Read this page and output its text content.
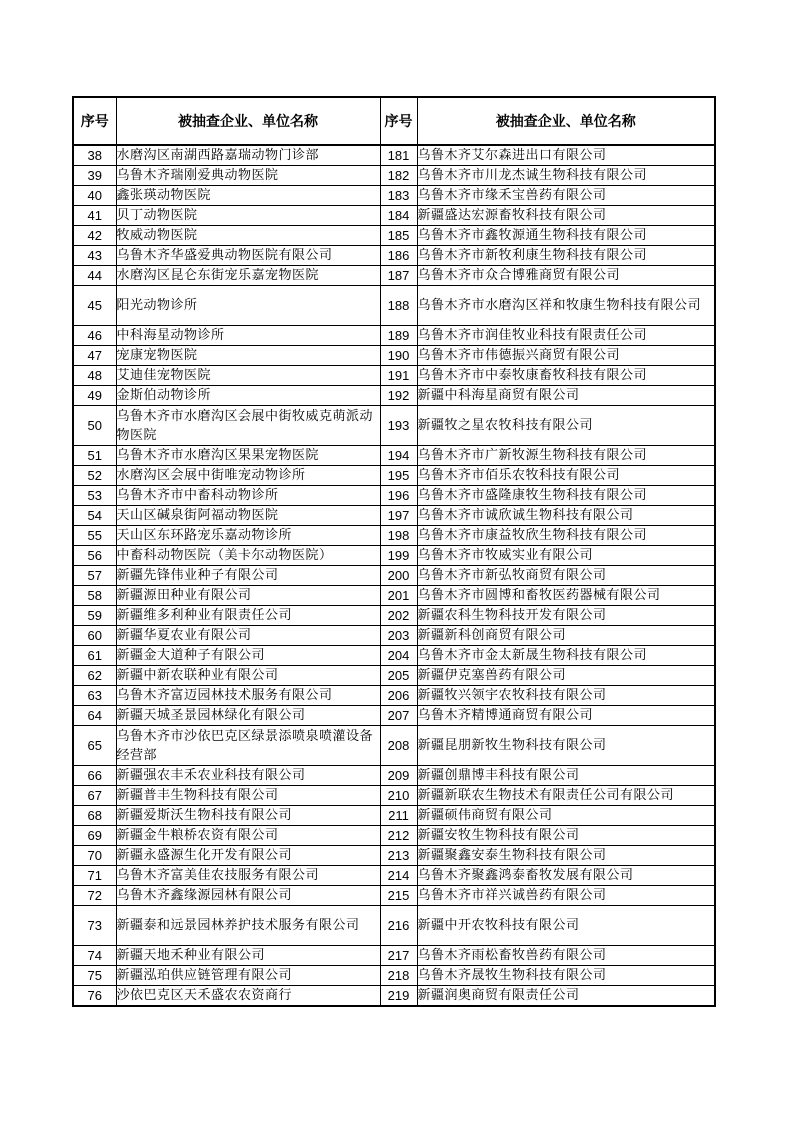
序号	被抽查企业、单位名称	序号	被抽查企业、单位名称
38	水磨沟区南湖西路嘉瑞动物门诊部	181	乌鲁木齐艾尔森进出口有限公司
39	乌鲁木齐瑞刚爱典动物医院	182	乌鲁木齐市川龙杰诚生物科技有限公司
40	鑫张瑛动物医院	183	乌鲁木齐市缘禾宝兽药有限公司
41	贝丁动物医院	184	新疆盛达宏源畜牧科技有限公司
42	牧威动物医院	185	乌鲁木齐市鑫牧源通生物科技有限公司
43	乌鲁木齐华盛爱典动物医院有限公司	186	乌鲁木齐市新牧利康生物科技有限公司
44	水磨沟区昆仑东街宠乐嘉宠物医院	187	乌鲁木齐市众合博雅商贸有限公司
45	阳光动物诊所	188	乌鲁木齐市水磨沟区祥和牧康生物科技有限公司
46	中科海星动物诊所	189	乌鲁木齐市润佳牧业科技有限责任公司
47	宠康宠物医院	190	乌鲁木齐市伟德振兴商贸有限公司
48	艾迪佳宠物医院	191	乌鲁木齐市中泰牧康畜牧科技有限公司
49	金斯伯动物诊所	192	新疆中科海星商贸有限公司
50	乌鲁木齐市水磨沟区会展中街牧威克萌派动物医院	193	新疆牧之星农牧科技有限公司
51	乌鲁木齐市水磨沟区果果宠物医院	194	乌鲁木齐市广新牧源生物科技有限公司
52	水磨沟区会展中街唯宠动物诊所	195	乌鲁木齐市佰乐农牧科技有限公司
53	乌鲁木齐市中畜科动物诊所	196	乌鲁木齐市盛隆康牧生物科技有限公司
54	天山区碱泉街阿福动物医院	197	乌鲁木齐市诚欣诚生物科技有限公司
55	天山区东环路宠乐嘉动物诊所	198	乌鲁木齐市康益牧欣生物科技有限公司
56	中畜科动物医院（美卡尔动物医院）	199	乌鲁木齐市牧威实业有限公司
57	新疆先锋伟业种子有限公司	200	乌鲁木齐市新弘牧商贸有限公司
58	新疆源田种业有限公司	201	乌鲁木齐市圆博和畜牧医药器械有限公司
59	新疆维多利种业有限责任公司	202	新疆农科生物科技开发有限公司
60	新疆华夏农业有限公司	203	新疆新科创商贸有限公司
61	新疆金大道种子有限公司	204	乌鲁木齐市金太新晟生物科技有限公司
62	新疆中新农联种业有限公司	205	新疆伊克塞兽药有限公司
63	乌鲁木齐富迈园林技术服务有限公司	206	新疆牧兴领宇农牧科技有限公司
64	新疆天城圣景园林绿化有限公司	207	乌鲁木齐精博通商贸有限公司
65	乌鲁木齐市沙依巴克区绿景添喷泉喷灌设备经营部	208	新疆昆朋新牧生物科技有限公司
66	新疆强农丰禾农业科技有限公司	209	新疆创鼎博丰科技有限公司
67	新疆普丰生物科技有限公司	210	新疆新联农生物技术有限责任公司有限公司
68	新疆爱斯沃生物科技有限公司	211	新疆硕伟商贸有限公司
69	新疆金牛粮桥农资有限公司	212	新疆安牧生物科技有限公司
70	新疆永盛源生化开发有限公司	213	新疆聚鑫安泰生物科技有限公司
71	乌鲁木齐富美佳农技服务有限公司	214	乌鲁木齐聚鑫鸿泰畜牧发展有限公司
72	乌鲁木齐鑫缘源园林有限公司	215	乌鲁木齐市祥兴诚兽药有限公司
73	新疆泰和远景园林养护技术服务有限公司	216	新疆中开农牧科技有限公司
74	新疆天地禾种业有限公司	217	乌鲁木齐雨松畜牧兽药有限公司
75	新疆泓珀供应链管理有限公司	218	乌鲁木齐晟牧生物科技有限公司
76	沙依巴克区天禾盛农农资商行	219	新疆润奥商贸有限责任公司
